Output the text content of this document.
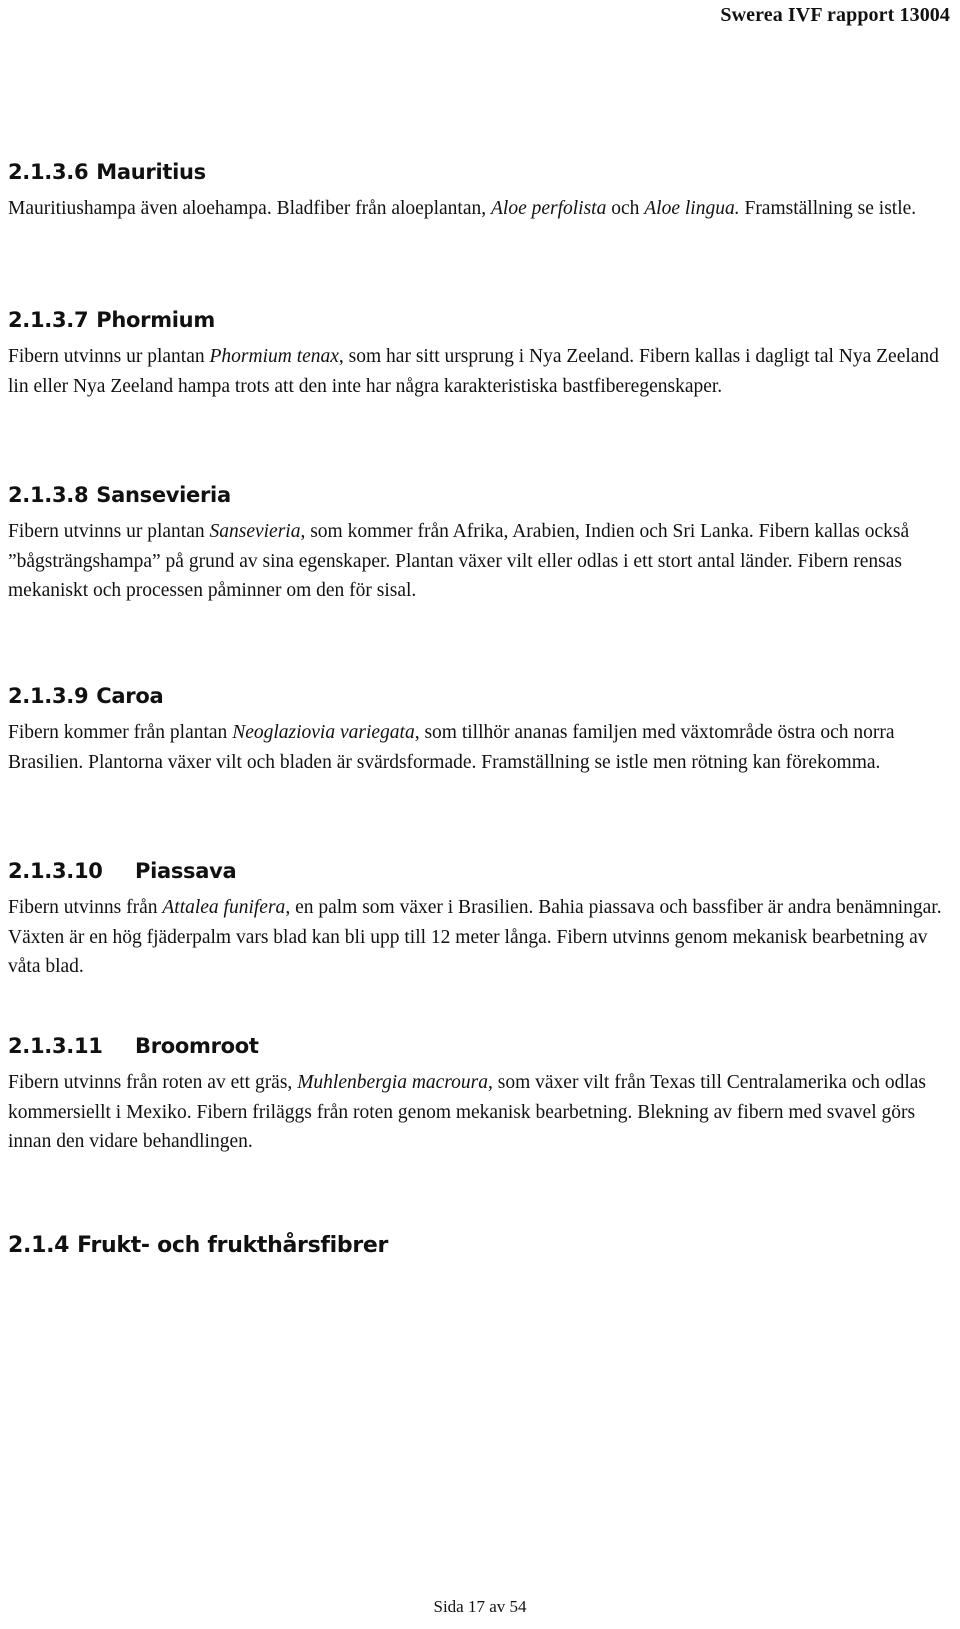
Swerea IVF rapport 13004
2.1.3.6 Mauritius

Mauritiushampa även aloehampa. Bladfiber från aloeplantan, Aloe perfolista och Aloe lingua. Framställning se istle.

2.1.3.7 Phormium

Fibern utvinns ur plantan Phormium tenax, som har sitt ursprung i Nya Zeeland. Fibern kallas i dagligt tal Nya Zeeland lin eller Nya Zeeland hampa trots att den inte har några karakteristiska bastfiberegenskaper.

2.1.3.8 Sansevieria

Fibern utvinns ur plantan Sansevieria, som kommer från Afrika, Arabien, Indien och Sri Lanka. Fibern kallas också ”bågsträngshampa” på grund av sina egenskaper. Plantan växer vilt eller odlas i ett stort antal länder. Fibern rensas mekaniskt och processen påminner om den för sisal.

2.1.3.9 Caroa

Fibern kommer från plantan Neoglaziovia variegata, som tillhör ananas familjen med växtområde östra och norra Brasilien. Plantorna växer vilt och bladen är svärdsformade. Framställning se istle men rötning kan förekomma.

2.1.3.10 Piassava

Fibern utvinns från Attalea funifera, en palm som växer i Brasilien. Bahia piassava och bassfiber är andra benämningar. Växten är en hög fjäderpalm vars blad kan bli upp till 12 meter långa. Fibern utvinns genom mekanisk bearbetning av våta blad.

2.1.3.11 Broomroot

Fibern utvinns från roten av ett gräs, Muhlenbergia macroura, som växer vilt från Texas till Centralamerika och odlas kommersiellt i Mexiko. Fibern friläggs från roten genom mekanisk bearbetning. Blekning av fibern med svavel görs innan den vidare behandlingen.

2.1.4 Frukt- och frukthårsfibrer
Sida 17 av 54
